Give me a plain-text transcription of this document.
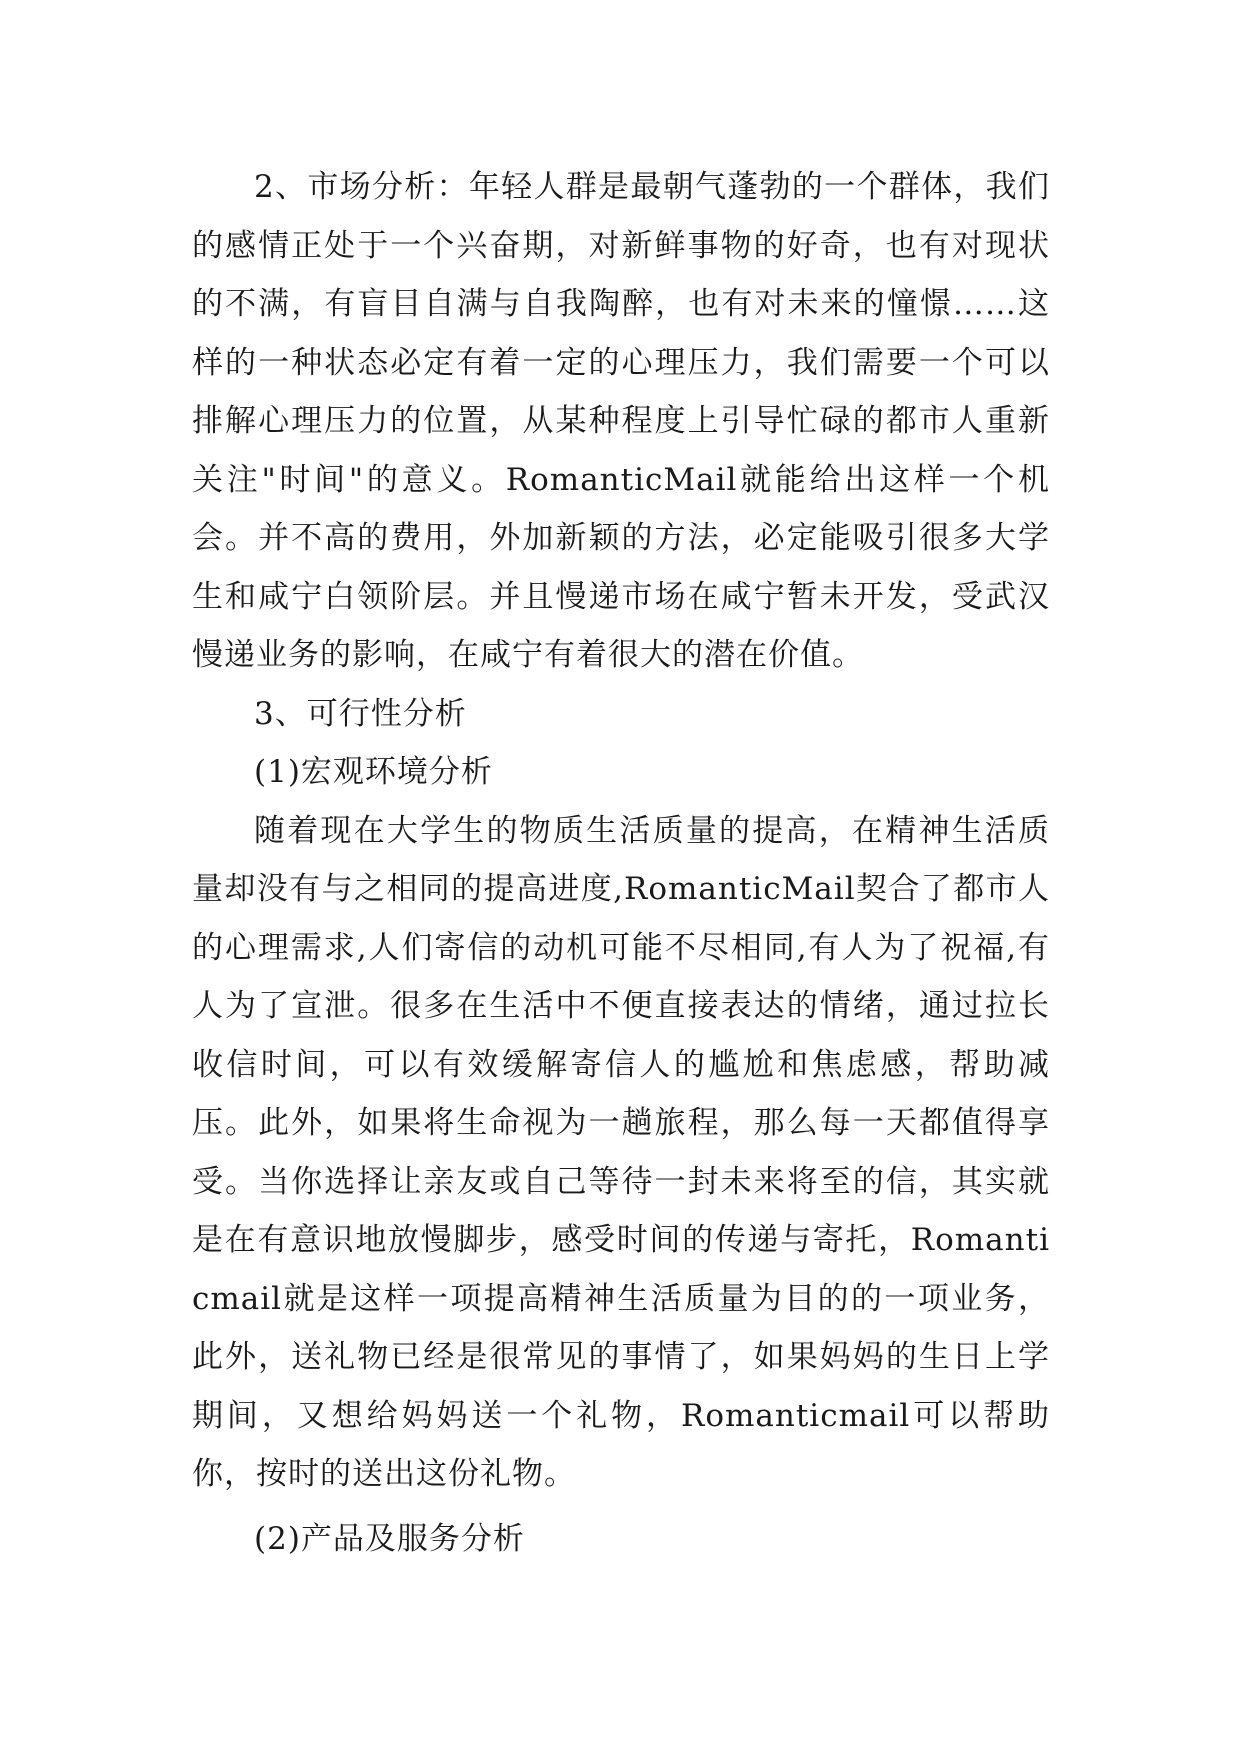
2、市场分析：年轻人群是最朝气蓬勃的一个群体，我们的感情正处于一个兴奋期，对新鲜事物的好奇，也有对现状的不满，有盲目自满与自我陶醉，也有对未来的憧憬……这样的一种状态必定有着一定的心理压力，我们需要一个可以排解心理压力的位置，从某种程度上引导忙碌的都市人重新关注"时间"的意义。RomanticMail就能给出这样一个机会。并不高的费用，外加新颖的方法，必定能吸引很多大学生和咸宁白领阶层。并且慢递市场在咸宁暂未开发，受武汉慢递业务的影响，在咸宁有着很大的潜在价值。

3、可行性分析

(1)宏观环境分析

随着现在大学生的物质生活质量的提高，在精神生活质量却没有与之相同的提高进度,RomanticMail契合了都市人的心理需求,人们寄信的动机可能不尽相同,有人为了祝福,有人为了宣泄。很多在生活中不便直接表达的情绪，通过拉长收信时间，可以有效缓解寄信人的尴尬和焦虑感，帮助减压。此外，如果将生命视为一趟旅程，那么每一天都值得享受。当你选择让亲友或自己等待一封未来将至的信，其实就是在有意识地放慢脚步，感受时间的传递与寄托，Romanticmail就是这样一项提高精神生活质量为目的的一项业务，此外，送礼物已经是很常见的事情了，如果妈妈的生日上学期间，又想给妈妈送一个礼物，Romanticmail可以帮助你，按时的送出这份礼物。

(2)产品及服务分析
